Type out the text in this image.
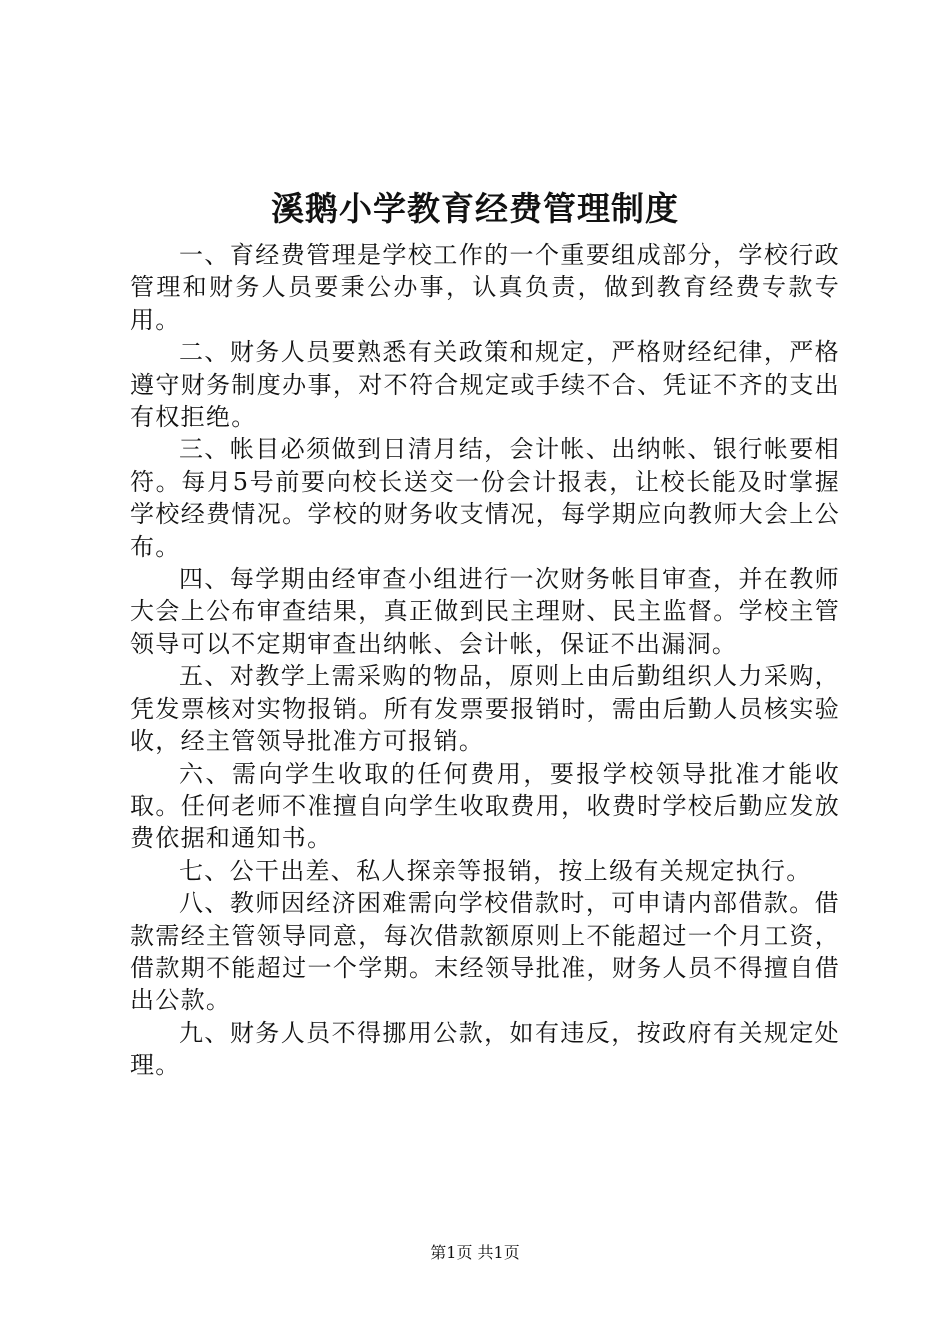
溪鹅小学教育经费管理制度

一、育经费管理是学校工作的一个重要组成部分，学校行政管理和财务人员要秉公办事，认真负责，做到教育经费专款专用。

二、财务人员要熟悉有关政策和规定，严格财经纪律，严格遵守财务制度办事，对不符合规定或手续不合、凭证不齐的支出有权拒绝。

三、帐目必须做到日清月结，会计帐、出纳帐、银行帐要相符。每月5号前要向校长送交一份会计报表，让校长能及时掌握学校经费情况。学校的财务收支情况，每学期应向教师大会上公布。

四、每学期由经审查小组进行一次财务帐目审查，并在教师大会上公布审查结果，真正做到民主理财、民主监督。学校主管领导可以不定期审查出纳帐、会计帐，保证不出漏洞。

五、对教学上需采购的物品，原则上由后勤组织人力采购，凭发票核对实物报销。所有发票要报销时，需由后勤人员核实验收，经主管领导批准方可报销。

六、需向学生收取的任何费用，要报学校领导批准才能收取。任何老师不准擅自向学生收取费用，收费时学校后勤应发放费依据和通知书。

七、公干出差、私人探亲等报销，按上级有关规定执行。

八、教师因经济困难需向学校借款时，可申请内部借款。借款需经主管领导同意，每次借款额原则上不能超过一个月工资，借款期不能超过一个学期。末经领导批准，财务人员不得擅自借出公款。

九、财务人员不得挪用公款，如有违反，按政府有关规定处理。

第1页 共1页
